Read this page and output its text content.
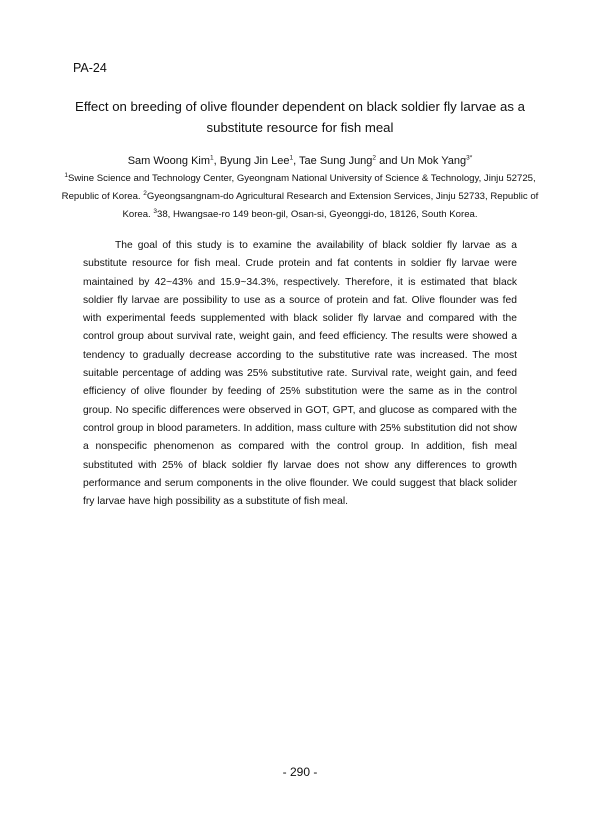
PA-24
Effect on breeding of olive flounder dependent on black soldier fly larvae as a substitute resource for fish meal
Sam Woong Kim$^1$, Byung Jin Lee$^1$, Tae Sung Jung$^2$ and Un Mok Yang$^{3*}$
$^1$Swine Science and Technology Center, Gyeongnam National University of Science & Technology, Jinju 52725, Republic of Korea. $^2$Gyeongsangnam-do Agricultural Research and Extension Services, Jinju 52733, Republic of Korea. $^3$38, Hwangsae-ro 149 beon-gil, Osan-si, Gyeonggi-do, 18126, South Korea.

The goal of this study is to examine the availability of black soldier fly larvae as a substitute resource for fish meal. Crude protein and fat contents in soldier fly larvae were maintained by 42~43% and 15.9~34.3%, respectively. Therefore, it is estimated that black soldier fly larvae are possibility to use as a source of protein and fat. Olive flounder was fed with experimental feeds supplemented with black solider fly larvae and compared with the control group about survival rate, weight gain, and feed efficiency. The results were showed a tendency to gradually decrease according to the substitutive rate was increased. The most suitable percentage of adding was 25% substitutive rate. Survival rate, weight gain, and feed efficiency of olive flounder by feeding of 25% substitution were the same as in the control group. No specific differences were observed in GOT, GPT, and glucose as compared with the control group in blood parameters. In addition, mass culture with 25% substitution did not show a nonspecific phenomenon as compared with the control group. In addition, fish meal substituted with 25% of black soldier fly larvae does not show any differences to growth performance and serum components in the olive flounder. We could suggest that black solider fry larvae have high possibility as a substitute of fish meal.

- 290 -
